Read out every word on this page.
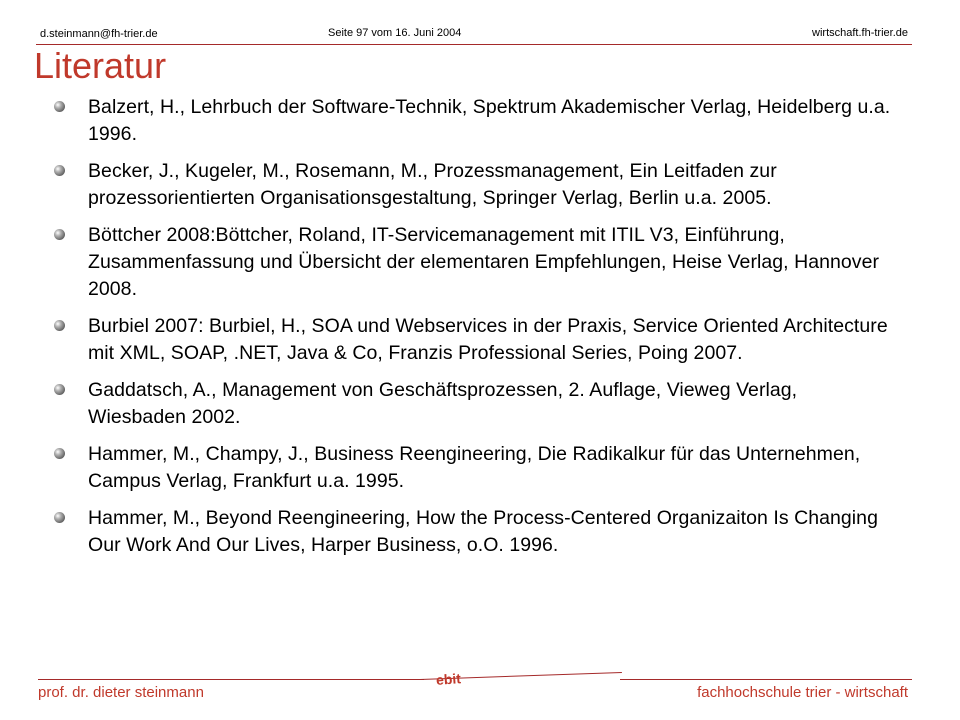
d.steinmann@fh-trier.de	Seite 97 vom 16. Juni 2004	wirtschaft.fh-trier.de
Literatur
Balzert, H., Lehrbuch der Software-Technik, Spektrum Akademischer Verlag, Heidelberg u.a. 1996.
Becker, J., Kugeler, M., Rosemann, M., Prozessmanagement, Ein Leitfaden zur prozessorientierten Organisationsgestaltung, Springer Verlag, Berlin u.a. 2005.
Böttcher 2008:Böttcher, Roland, IT-Servicemanagement mit ITIL V3, Einführung, Zusammenfassung und Übersicht der elementaren Empfehlungen, Heise Verlag, Hannover 2008.
Burbiel 2007: Burbiel, H., SOA und Webservices in der Praxis, Service Oriented Architecture mit XML, SOAP, .NET, Java & Co, Franzis Professional Series, Poing 2007.
Gaddatsch, A., Management von Geschäftsprozessen, 2. Auflage, Vieweg Verlag, Wiesbaden 2002.
Hammer, M., Champy, J., Business Reengineering, Die Radikalkur für das Unternehmen, Campus Verlag, Frankfurt u.a. 1995.
Hammer, M., Beyond Reengineering, How the Process-Centered Organizaiton Is Changing Our Work And Our Lives, Harper Business, o.O. 1996.
ebit
prof. dr. dieter steinmann	fachhochschule trier - wirtschaft
